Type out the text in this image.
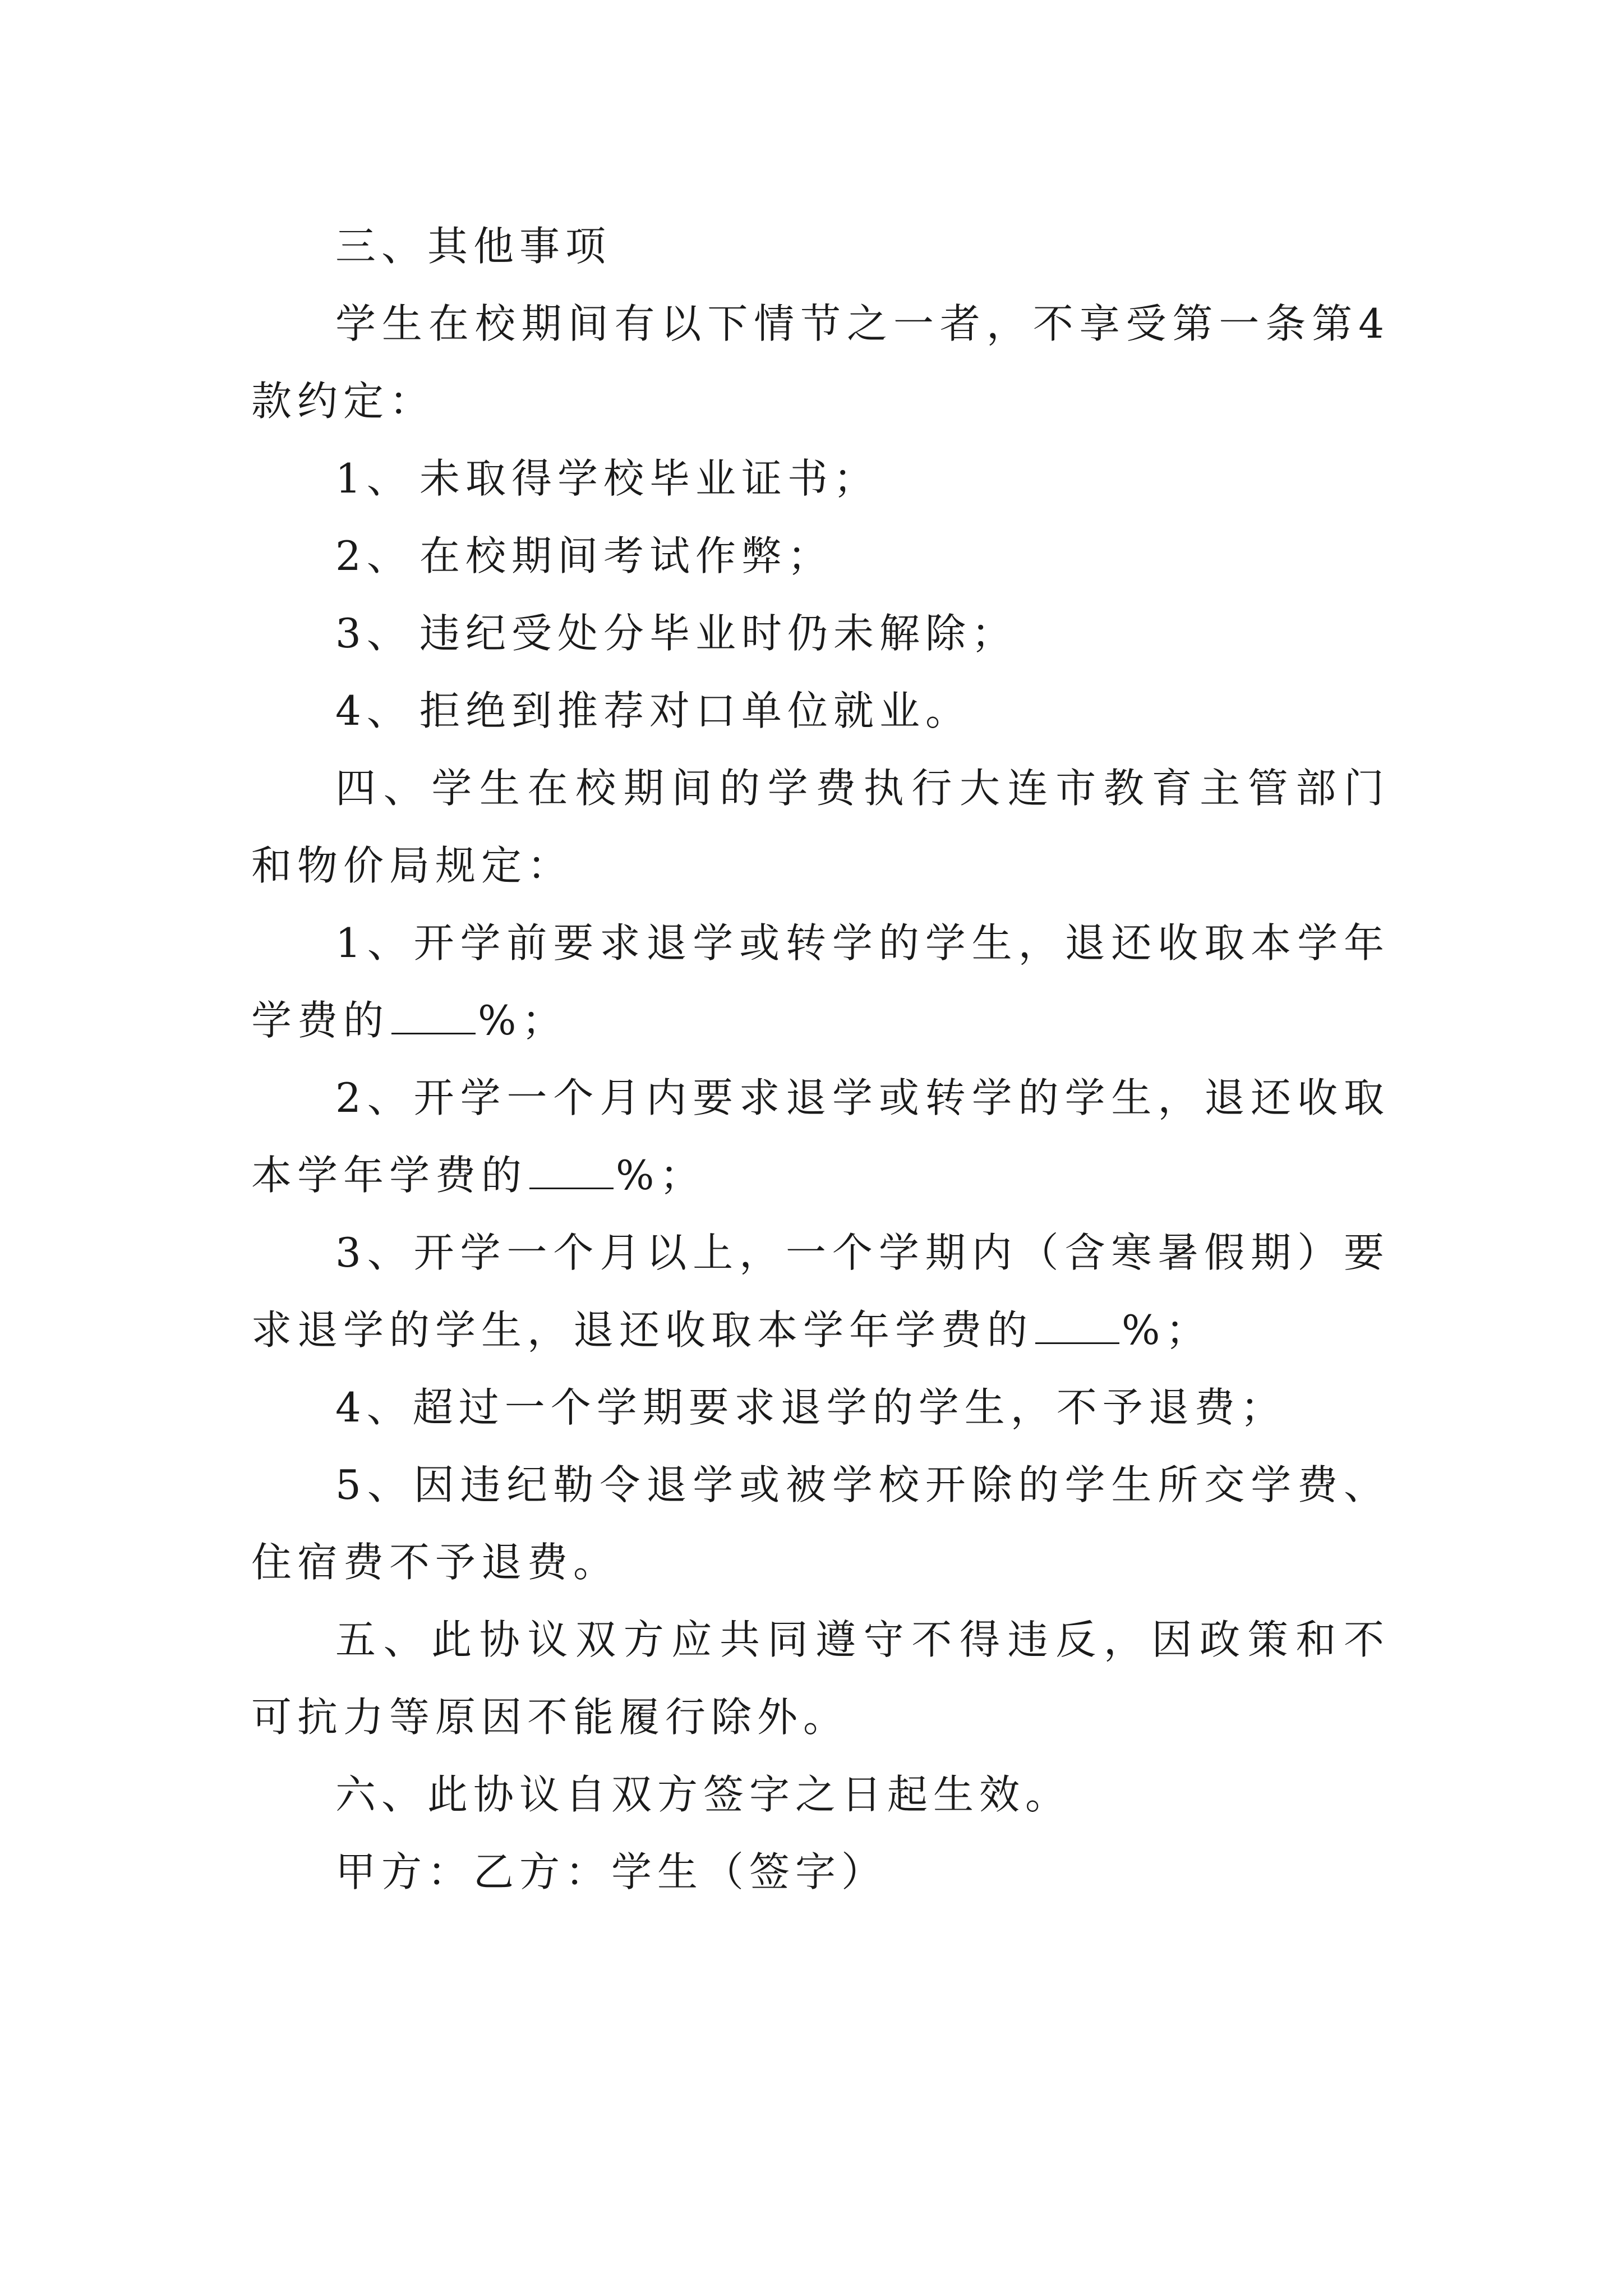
三、其他事项

学生在校期间有以下情节之一者，不享受第一条第4款约定：

1、 未取得学校毕业证书；

2、 在校期间考试作弊；

3、 违纪受处分毕业时仍未解除；

4、 拒绝到推荐对口单位就业。

四、学生在校期间的学费执行大连市教育主管部门和物价局规定：

1、开学前要求退学或转学的学生，退还收取本学年学费的 %；

2、开学一个月内要求退学或转学的学生，退还收取本学年学费的 %；

3、开学一个月以上，一个学期内（含寒暑假期）要求退学的学生，退还收取本学年学费的 %；

4、超过一个学期要求退学的学生，不予退费；

5、因违纪勒令退学或被学校开除的学生所交学费、住宿费不予退费。

五、此协议双方应共同遵守不得违反，因政策和不可抗力等原因不能履行除外。

六、此协议自双方签字之日起生效。

甲方：乙方：学生（签字）
